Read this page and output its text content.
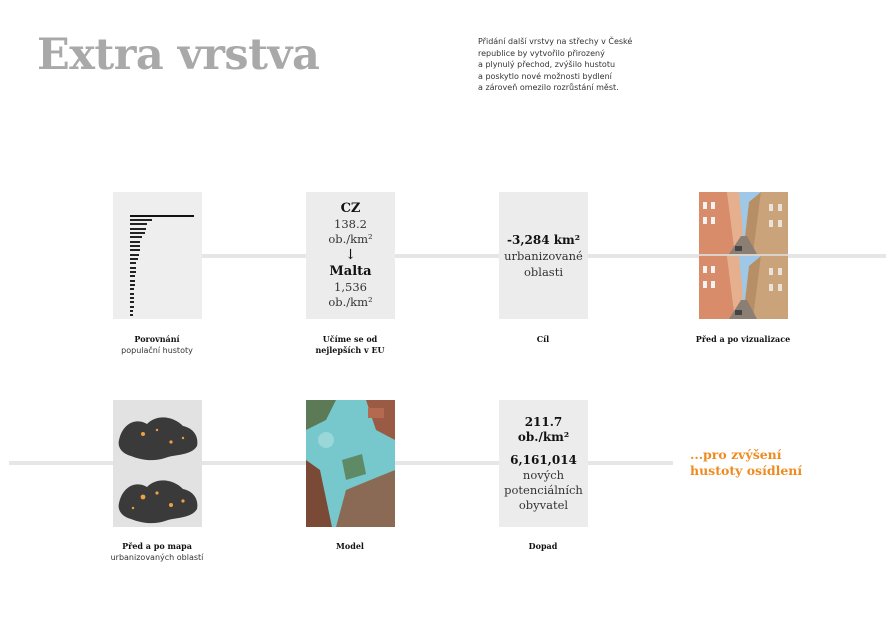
Extra vrstva	Přidání další vrstvy na střechy v České
republice by vytvořilo přirozený
a plynulý přechod, zvýšilo hustotu
a poskytlo nové možnosti bydlení
a zároveň omezilo rozrůstání měst.
Porovnání
populační hustoty
CZ
138.2
ob./km²
↓
Malta
1,536
ob./km²
Učíme se od
nejlepších v EU
-3,284 km²
urbanizované
oblasti
Cíl	Před a po vizualizace
Před a po mapa
urbanizovaných oblastí
Model
211.7
ob./km²
6,161,014
nových
potenciálních
obyvatel
Dopad
...pro zvýšení
hustoty osídlení
